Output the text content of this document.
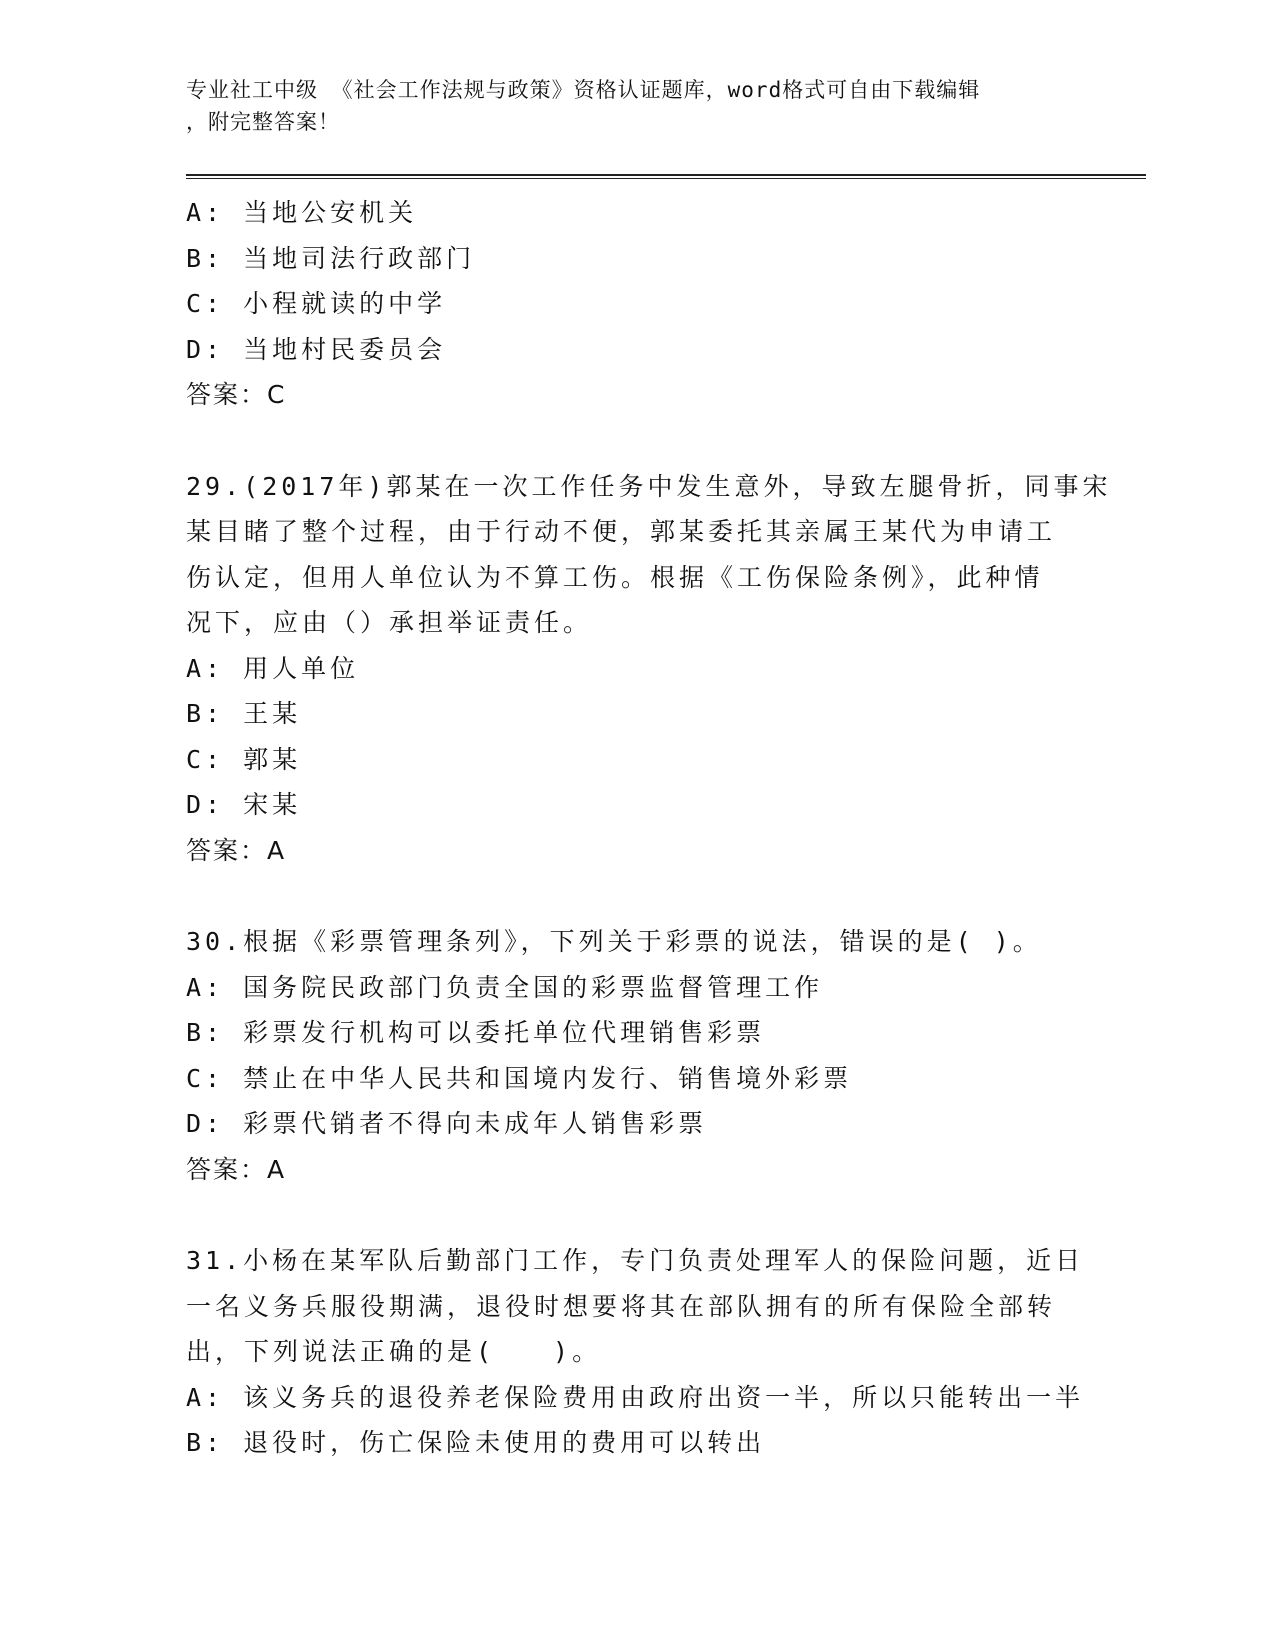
专业社工中级 《社会工作法规与政策》资格认证题库，word格式可自由下载编辑
，附完整答案！
A: 当地公安机关
B: 当地司法行政部门
C: 小程就读的中学
D: 当地村民委员会
答案：C
29.(2017年)郭某在一次工作任务中发生意外，导致左腿骨折，同事宋
某目睹了整个过程，由于行动不便，郭某委托其亲属王某代为申请工
伤认定，但用人单位认为不算工伤。根据《工伤保险条例》，此种情
况下，应由（）承担举证责任。
A: 用人单位
B: 王某
C: 郭某
D: 宋某
答案：A
30.根据《彩票管理条列》，下列关于彩票的说法，错误的是( )。
A: 国务院民政部门负责全国的彩票监督管理工作
B: 彩票发行机构可以委托单位代理销售彩票
C: 禁止在中华人民共和国境内发行、销售境外彩票
D: 彩票代销者不得向未成年人销售彩票
答案：A
31.小杨在某军队后勤部门工作，专门负责处理军人的保险问题，近日
一名义务兵服役期满，退役时想要将其在部队拥有的所有保险全部转
出，下列说法正确的是(　　)。
A: 该义务兵的退役养老保险费用由政府出资一半，所以只能转出一半
B: 退役时，伤亡保险未使用的费用可以转出
